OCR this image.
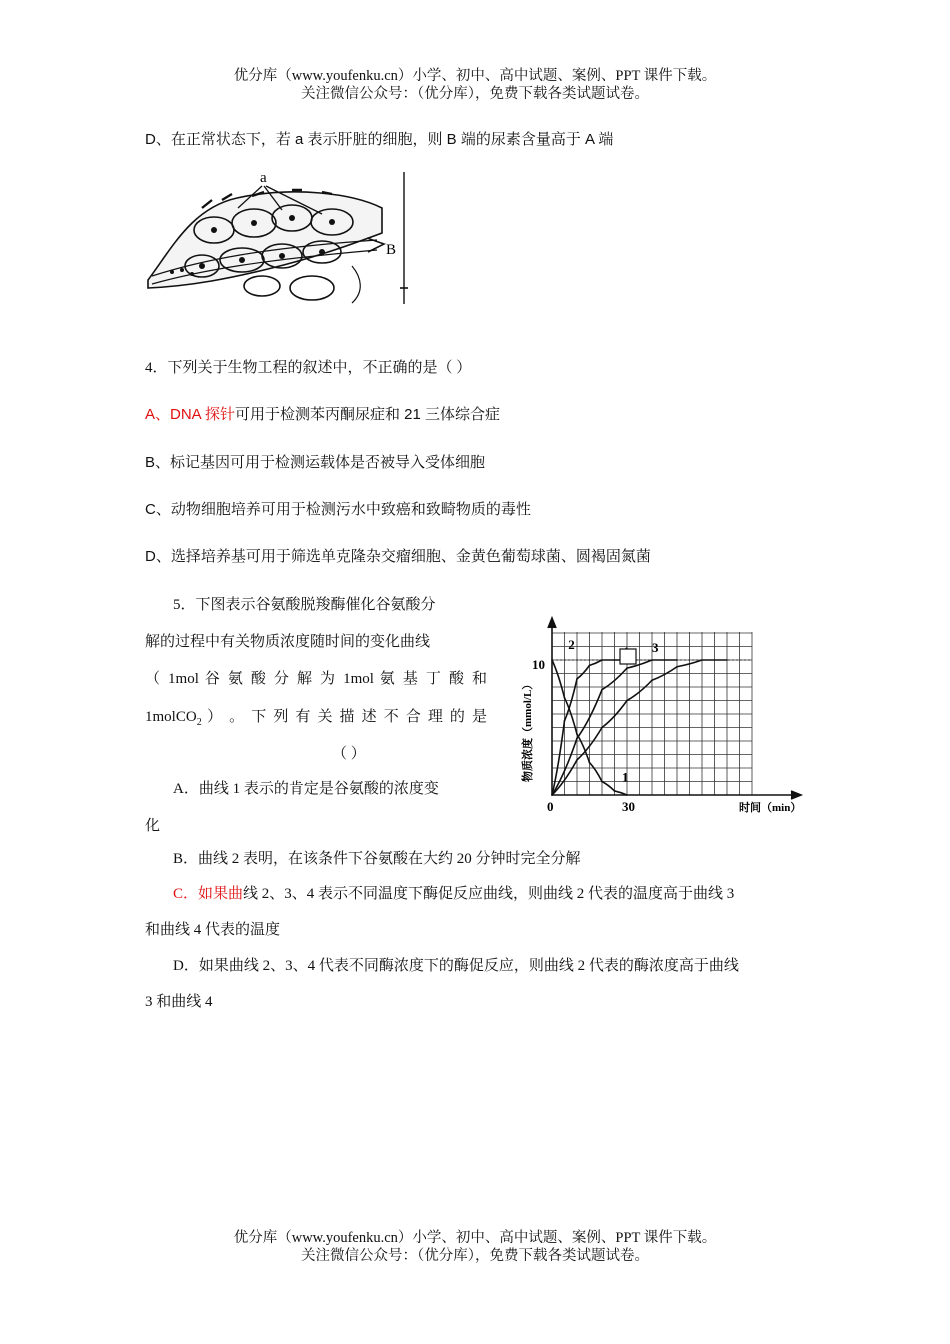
优分库（www.youfenku.cn）小学、初中、高中试题、案例、PPT 课件下载。
关注微信公众号：（优分库），免费下载各类试题试卷。
D、在正常状态下，若 a 表示肝脏的细胞，则 B 端的尿素含量高于 A 端
a
B
4．下列关于生物工程的叙述中，不正确的是（ ）
A、DNA 探针可用于检测苯丙酮尿症和 21 三体综合症
B、标记基因可用于检测运载体是否被导入受体细胞
C、动物细胞培养可用于检测污水中致癌和致畸物质的毒性
D、选择培养基可用于筛选单克隆杂交瘤细胞、金黄色葡萄球菌、圆褐固氮菌
5．下图表示谷氨酸脱羧酶催化谷氨酸分
解的过程中有关物质浓度随时间的变化曲线
（ 1mol 谷 氨 酸 分 解 为 1mol 氨 基 丁 酸 和
1molCO$_2$ ） 。 下 列 有 关 描 述 不 合 理 的 是
（ ）
A．曲线 1 表示的肯定是谷氨酸的浓度变
化
B．曲线 2 表明，在该条件下谷氨酸在大约 20 分钟时完全分解
C．如果曲线 2、3、4 表示不同温度下酶促反应曲线，则曲线 2 代表的温度高于曲线 3
和曲线 4 代表的温度
D．如果曲线 2、3、4 代表不同酶浓度下的酶促反应，则曲线 2 代表的酶浓度高于曲线
3 和曲线 4
1
2	3
物质浓度（mmol/L）
时间（min）
0	30
10
优分库（www.youfenku.cn）小学、初中、高中试题、案例、PPT 课件下载。
关注微信公众号：（优分库），免费下载各类试题试卷。
